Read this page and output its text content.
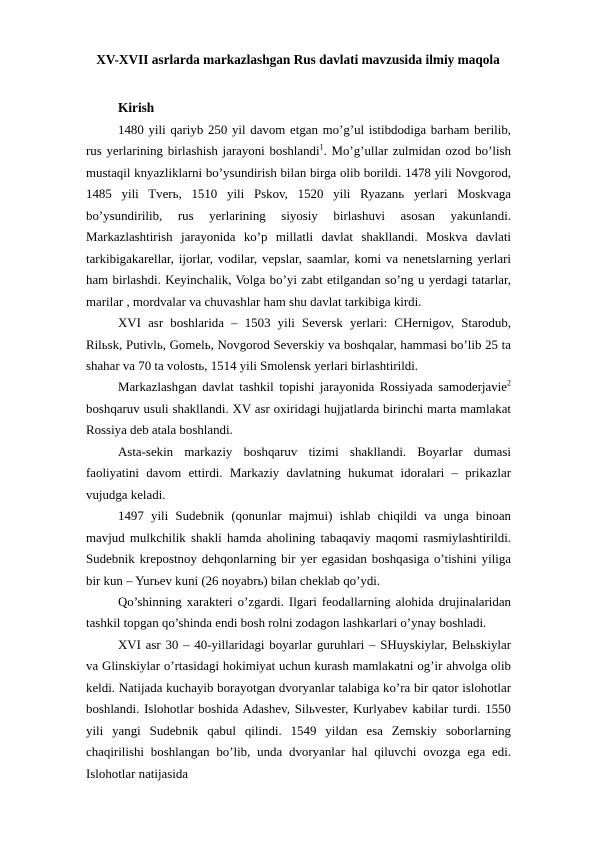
XV-XVII asrlarda markazlashgan Rus davlati mavzusida ilmiy maqola
Kirish

1480 yili qariyb 250 yil davom etgan mo’g’ul istibdodiga barham berilib, rus yerlarining birlashish jarayoni boshlandi$^1$. Mo’g’ullar zulmidan ozod bo’lish mustaqil knyazliklarni bo’ysundirish bilan birga olib borildi. 1478 yili Novgorod, 1485 yili Tverь, 1510 yili Pskov, 1520 yili Ryazanь yerlari Moskvaga bo’ysundirilib, rus yerlarining siyosiy birlashuvi asosan yakunlandi. Markazlashtirish jarayonida ko’p millatli davlat shakllandi. Moskva davlati tarkibigakarellar, ijorlar, vodilar, vepslar, saamlar, komi va nenetslarning yerlari ham birlashdi. Keyinchalik, Volga bo’yi zabt etilgandan so’ng u yerdagi tatarlar, marilar , mordvalar va chuvashlar ham shu davlat tarkibiga kirdi.

XVI asr boshlarida – 1503 yili Seversk yerlari: CHernigov, Starodub, Rilьsk, Putivlь, Gomelь, Novgorod Severskiy va boshqalar, hammasi bo’lib 25 ta shahar va 70 ta volostь, 1514 yili Smolensk yerlari birlashtirildi.

Markazlashgan davlat tashkil topishi jarayonida Rossiyada samoderjavie$^2$ boshqaruv usuli shakllandi. XV asr oxiridagi hujjatlarda birinchi marta mamlakat Rossiya deb atala boshlandi.

Asta-sekin markaziy boshqaruv tizimi shakllandi. Boyarlar dumasi faoliyatini davom ettirdi. Markaziy davlatning hukumat idoralari – prikazlar vujudga keladi.

1497 yili Sudebnik (qonunlar majmui) ishlab chiqildi va unga binoan mavjud mulkchilik shakli hamda aholining tabaqaviy maqomi rasmiylashtirildi. Sudebnik krepostnoy dehqonlarning bir yer egasidan boshqasiga o’tishini yiliga bir kun – Yurьev kuni (26 noyabrь) bilan cheklab qo’ydi.

Qo’shinning xarakteri o’zgardi. Ilgari feodallarning alohida drujinalaridan tashkil topgan qo’shinda endi bosh rolni zodagon lashkarlari o’ynay boshladi.

XVI asr 30 – 40-yillaridagi boyarlar guruhlari – SHuyskiylar, Belьskiylar va Glinskiylar o’rtasidagi hokimiyat uchun kurash mamlakatni og’ir ahvolga olib keldi. Natijada kuchayib borayotgan dvoryanlar talabiga ko’ra bir qator islohotlar boshlandi. Islohotlar boshida Adashev, Silьvester, Kurlyabev kabilar turdi. 1550 yili yangi Sudebnik qabul qilindi. 1549 yildan esa Zemskiy soborlarning chaqirilishi boshlangan bo’lib, unda dvoryanlar hal qiluvchi ovozga ega edi. Islohotlar natijasida
